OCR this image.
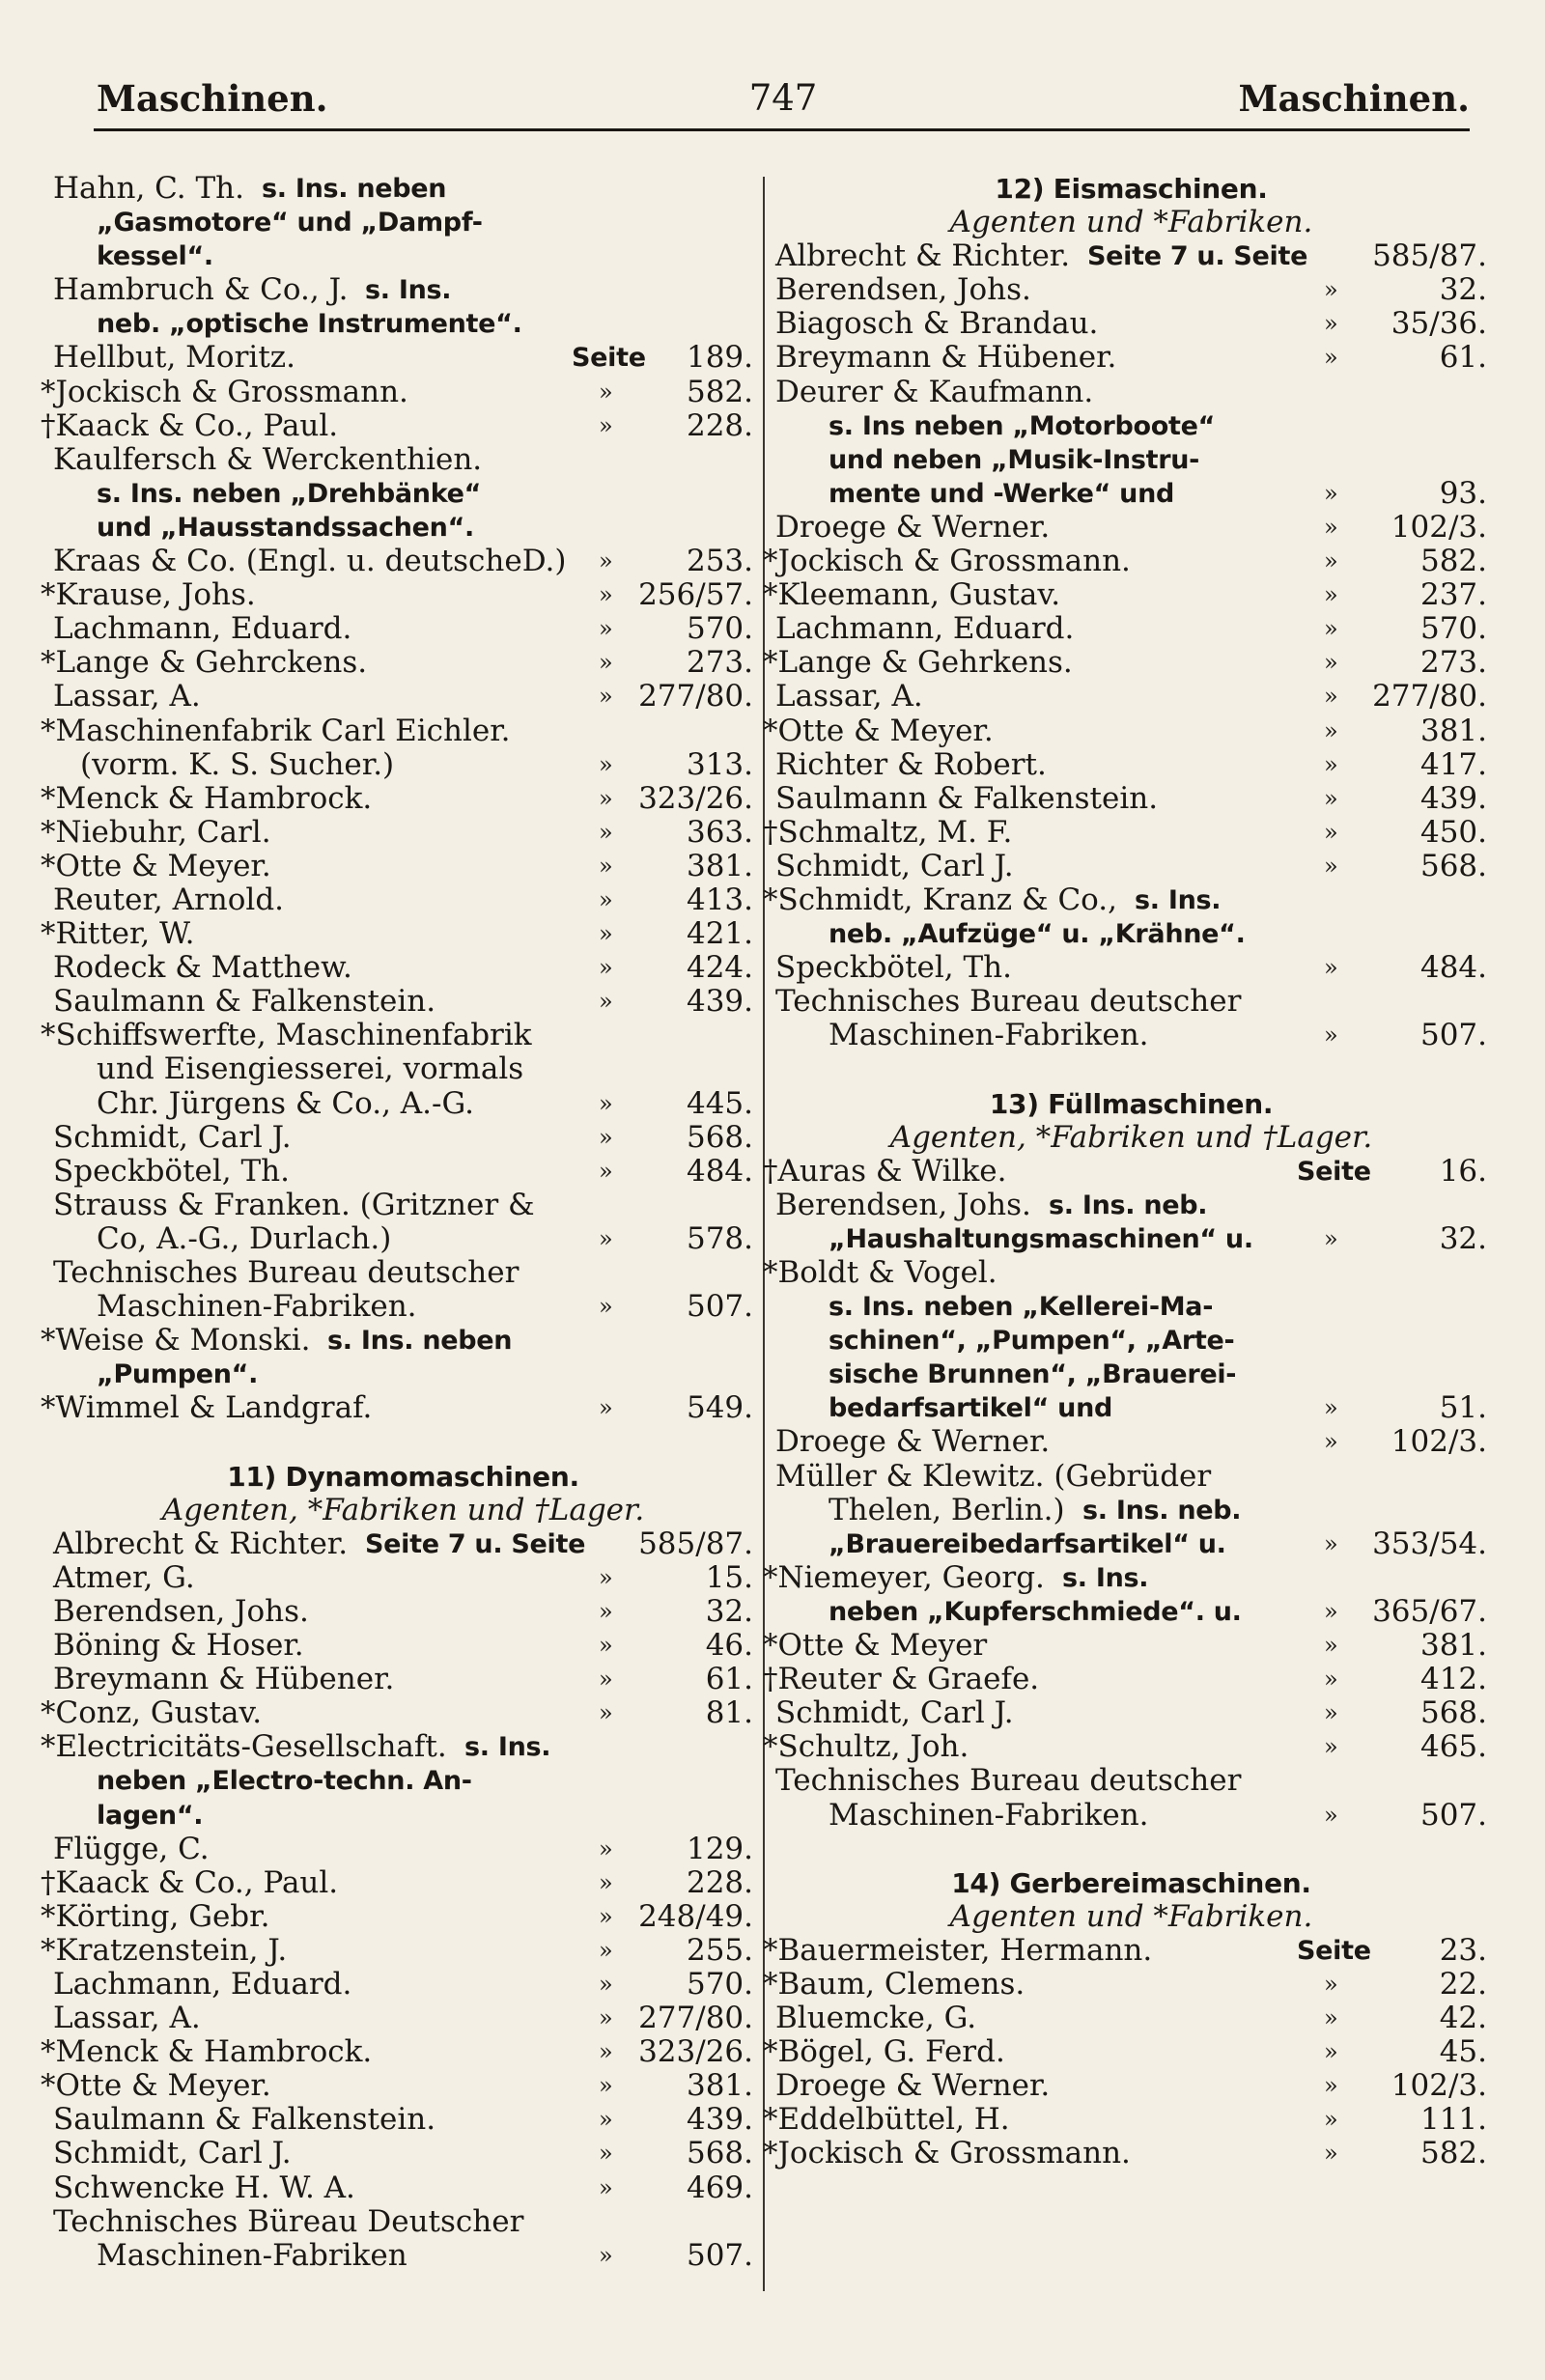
Maschinen.	747	Maschinen.
Hahn, C. Th. s. Ins. neben
„Gasmotore“ und „Dampf-
kessel“.
Hambruch & Co., J. s. Ins.
neb. „optische Instrumente“.
Hellbut, Moritz.	Seite 189.
*Jockisch & Grossmann.	» 582.
†Kaack & Co., Paul.	» 228.
Kaulfersch & Werckenthien.
s. Ins. neben „Drehbänke“
und „Hausstandssachen“.
Kraas & Co. (Engl. u. deutscheD.) » 253.
*Krause, Johs.	» 256/57.
Lachmann, Eduard.	» 570.
*Lange & Gehrckens.	» 273.
Lassar, A.	» 277/80.
*Maschinenfabrik Carl Eichler.
(vorm. K. S. Sucher.)	» 313.
*Menck & Hambrock.	» 323/26.
*Niebuhr, Carl.	» 363.
*Otte & Meyer.	» 381.
Reuter, Arnold.	» 413.
*Ritter, W.	» 421.
Rodeck & Matthew.	» 424.
Saulmann & Falkenstein.	» 439.
*Schiffswerfte, Maschinenfabrik
und Eisengiesserei, vormals
Chr. Jürgens & Co., A.-G.	» 445.
Schmidt, Carl J.	» 568.
Speckbötel, Th.	» 484.
Strauss & Franken. (Gritzner &
Co, A.-G., Durlach.)	» 578.
Technisches Bureau deutscher
Maschinen-Fabriken.	» 507.
*Weise & Monski. s. Ins. neben
„Pumpen“.
*Wimmel & Landgraf.	» 549.
11) Dynamomaschinen.
Agenten, *Fabriken und †Lager.
Albrecht & Richter. Seite 7 u. Seite 585/87.
Atmer, G.	»	15.
Berendsen, Johs.	»	32.
Böning & Hoser.	»	46.
Breymann & Hübener.	»	61.
*Conz, Gustav.	»	81.
*Electricitäts-Gesellschaft. s. Ins.
neben „Electro-techn. An-
lagen“.
Flügge, C.	» 129.
†Kaack & Co., Paul.	» 228.
*Körting, Gebr.	» 248/49.
*Kratzenstein, J.	» 255.
Lachmann, Eduard.	» 570.
Lassar, A.	» 277/80.
*Menck & Hambrock.	» 323/26.
*Otte & Meyer.	» 381.
Saulmann & Falkenstein.	» 439.
Schmidt, Carl J.	» 568.
Schwencke H. W. A.	» 469.
Technisches Büreau Deutscher
Maschinen-Fabriken	» 507.
12) Eismaschinen.
Agenten und *Fabriken.
Albrecht & Richter. Seite 7 u. Seite 585/87.
Berendsen, Johs.	»	32.
Biagosch & Brandau.	» 35/36.
Breymann & Hübener.	»	61.
Deurer & Kaufmann.
s. Ins neben „Motorboote“
und neben „Musik-Instru-
mente und -Werke“ und	»	93.
Droege & Werner.	» 102/3.
*Jockisch & Grossmann.	»	582.
*Kleemann, Gustav.	»	237.
Lachmann, Eduard.	»	570.
*Lange & Gehrkens.	»	273.
Lassar, A.	» 277/80.
*Otte & Meyer.	»	381.
Richter & Robert.	»	417.
Saulmann & Falkenstein.	»	439.
†Schmaltz, M. F.	»	450.
Schmidt, Carl J.	»	568.
*Schmidt, Kranz & Co., s. Ins.
neb. „Aufzüge“ u. „Krähne“.
Speckbötel, Th.	»	484.
Technisches Bureau deutscher
Maschinen-Fabriken.	»	507.
13) Füllmaschinen.
Agenten, *Fabriken und †Lager.
†Auras & Wilke.	Seite 16.
Berendsen, Johs. s. Ins. neb.
„Haushaltungsmaschinen“ u.	»	32.
*Boldt & Vogel.
s. Ins. neben „Kellerei-Ma-
schinen“, „Pumpen“, „Arte-
sische Brunnen“, „Brauerei-
bedarfsartikel“ und	»	51.
Droege & Werner.	» 102/3.
Müller & Klewitz. (Gebrüder
Thelen, Berlin.) s. Ins. neb.
„Brauereibedarfsartikel“ u.	» 353/54.
*Niemeyer, Georg. s. Ins.
neben „Kupferschmiede“. u.	» 365/67.
*Otte & Meyer	»	381.
†Reuter & Graefe.	»	412.
Schmidt, Carl J.	»	568.
*Schultz, Joh.	»	465.
Technisches Bureau deutscher
Maschinen-Fabriken.	»	507.
14) Gerbereimaschinen.
Agenten und *Fabriken.
*Bauermeister, Hermann.	Seite 23.
*Baum, Clemens.	»	22.
Bluemcke, G.	»	42.
*Bögel, G. Ferd.	»	45.
Droege & Werner.	» 102/3.
*Eddelbüttel, H.	»	111.
*Jockisch & Grossmann.	»	582.
